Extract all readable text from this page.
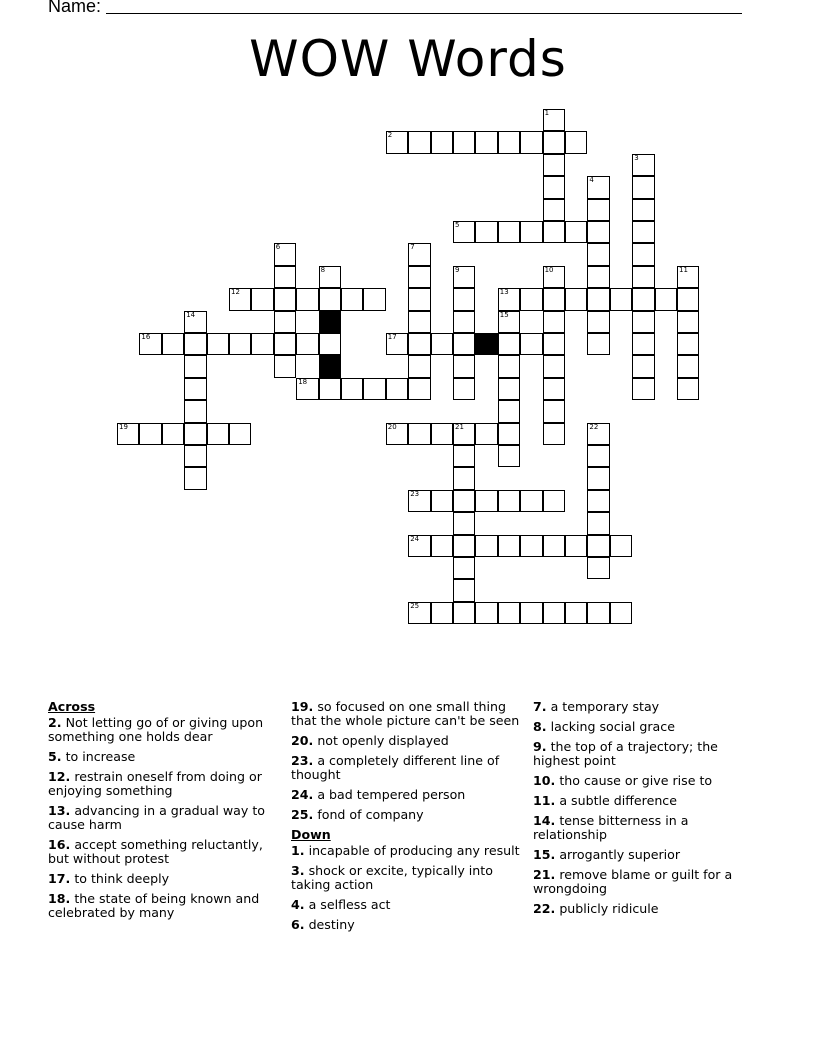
Name:
WOW Words
1
2
3
4
5
6	7
8	9	10	11
12	13
14	15
16	17
18
19	20	21	22
23
24
25
Across
2. Not letting go of or giving upon something one holds dear
5. to increase
12. restrain oneself from doing or enjoying something
13. advancing in a gradual way to cause harm
16. accept something reluctantly, but without protest
17. to think deeply
18. the state of being known and celebrated by many
19. so focused on one small thing that the whole picture can't be seen
20. not openly displayed
23. a completely different line of thought
24. a bad tempered person
25. fond of company
Down
1. incapable of producing any result
3. shock or excite, typically into taking action
4. a selfless act
6. destiny
7. a temporary stay
8. lacking social grace
9. the top of a trajectory; the highest point
10. tho cause or give rise to
11. a subtle difference
14. tense bitterness in a relationship
15. arrogantly superior
21. remove blame or guilt for a wrongdoing
22. publicly ridicule
